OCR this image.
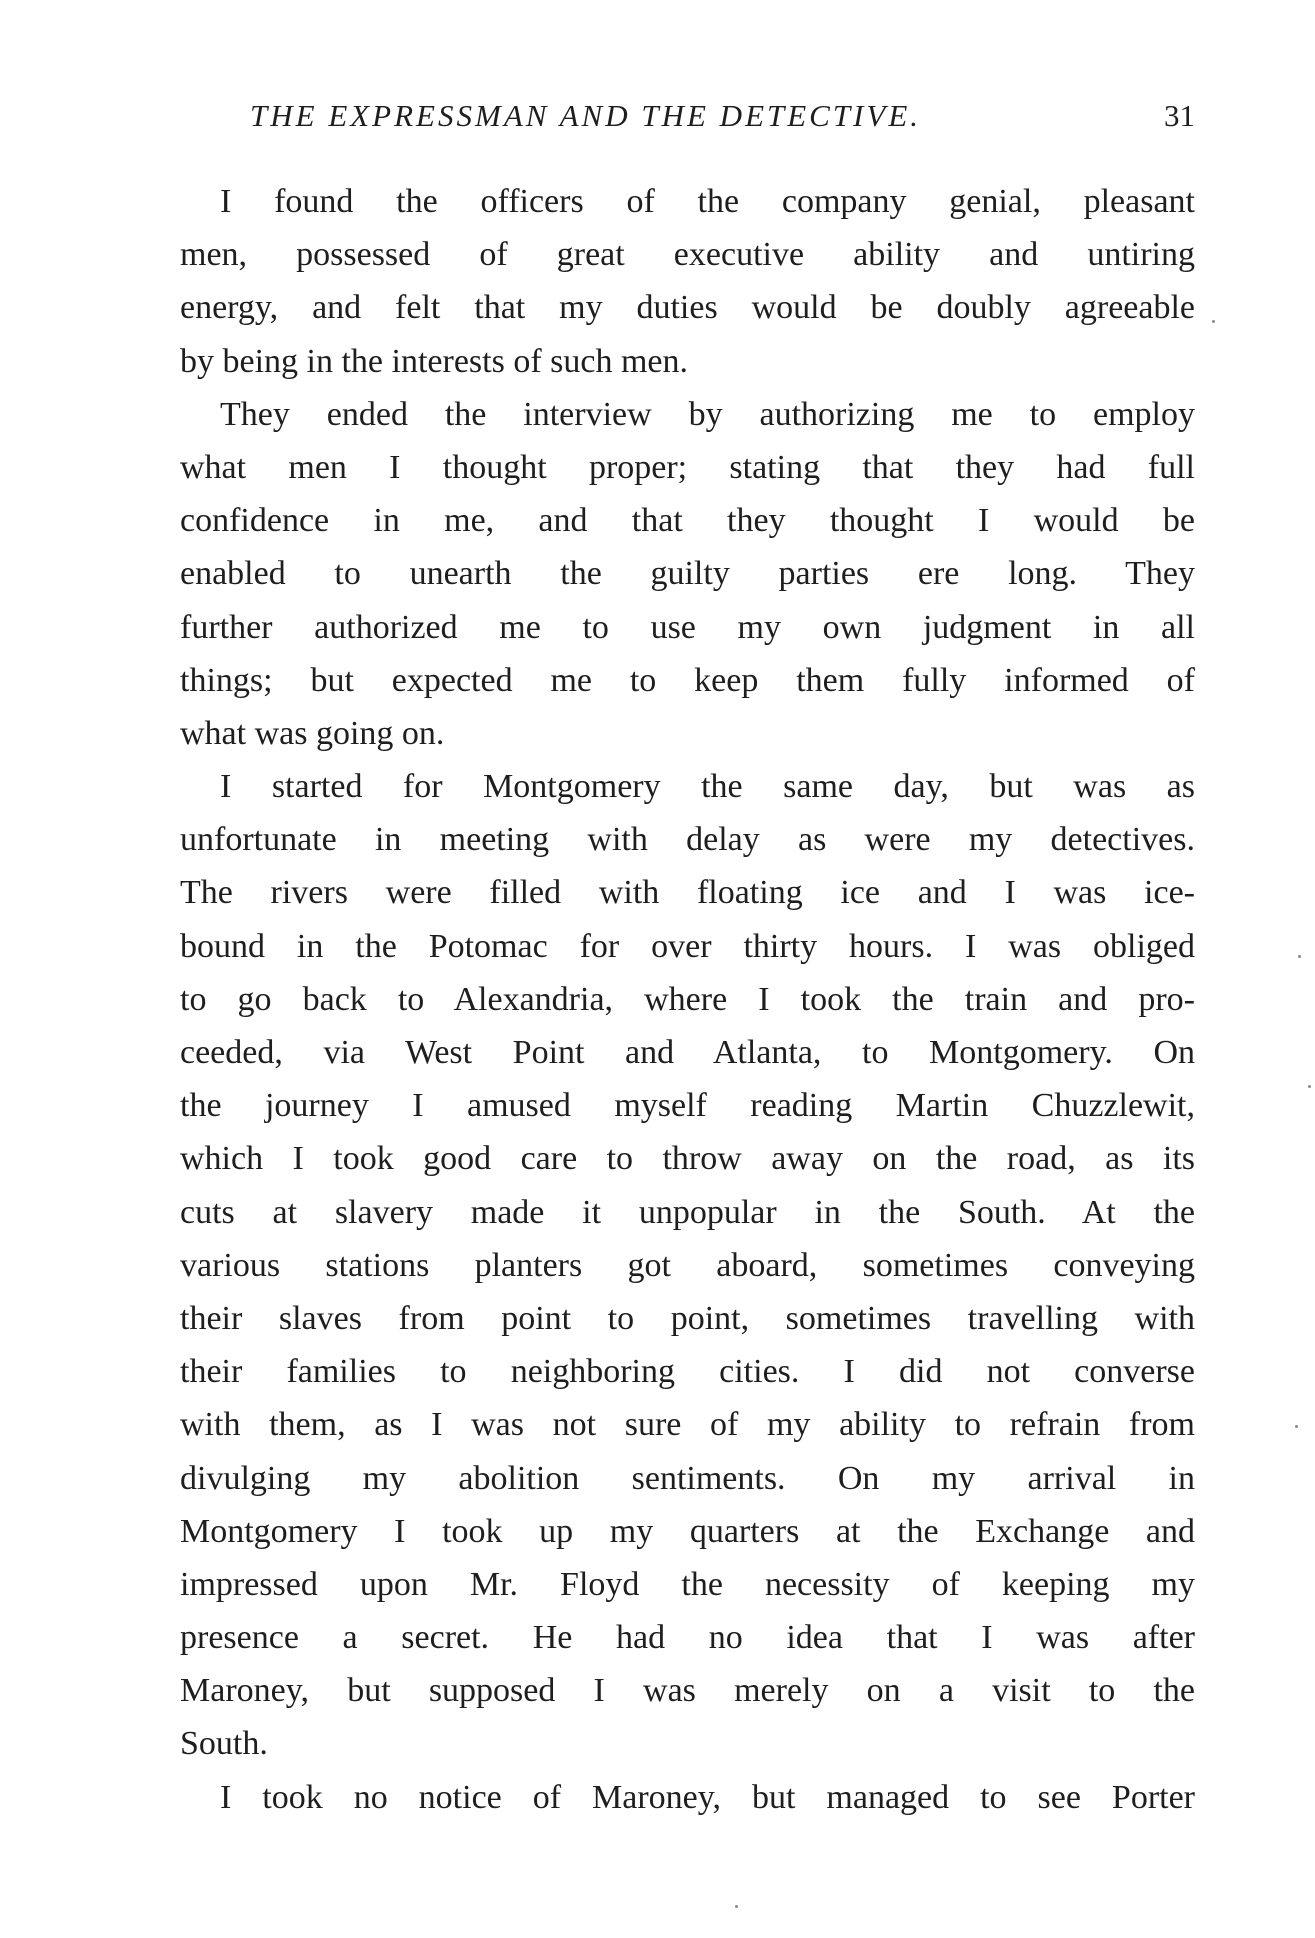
THE EXPRESSMAN AND THE DETECTIVE.	31
I found the officers of the company genial, pleasant
men, possessed of great executive ability and untiring
energy, and felt that my duties would be doubly agreeable
by being in the interests of such men.
They ended the interview by authorizing me to employ
what men I thought proper; stating that they had full
confidence in me, and that they thought I would be
enabled to unearth the guilty parties ere long. They
further authorized me to use my own judgment in all
things; but expected me to keep them fully informed of
what was going on.
I started for Montgomery the same day, but was as
unfortunate in meeting with delay as were my detectives.
The rivers were filled with floating ice and I was ice-
bound in the Potomac for over thirty hours. I was obliged
to go back to Alexandria, where I took the train and pro-
ceeded, via West Point and Atlanta, to Montgomery. On
the journey I amused myself reading Martin Chuzzlewit,
which I took good care to throw away on the road, as its
cuts at slavery made it unpopular in the South. At the
various stations planters got aboard, sometimes conveying
their slaves from point to point, sometimes travelling with
their families to neighboring cities. I did not converse
with them, as I was not sure of my ability to refrain from
divulging my abolition sentiments. On my arrival in
Montgomery I took up my quarters at the Exchange and
impressed upon Mr. Floyd the necessity of keeping my
presence a secret. He had no idea that I was after
Maroney, but supposed I was merely on a visit to the
South.
I took no notice of Maroney, but managed to see Porter
